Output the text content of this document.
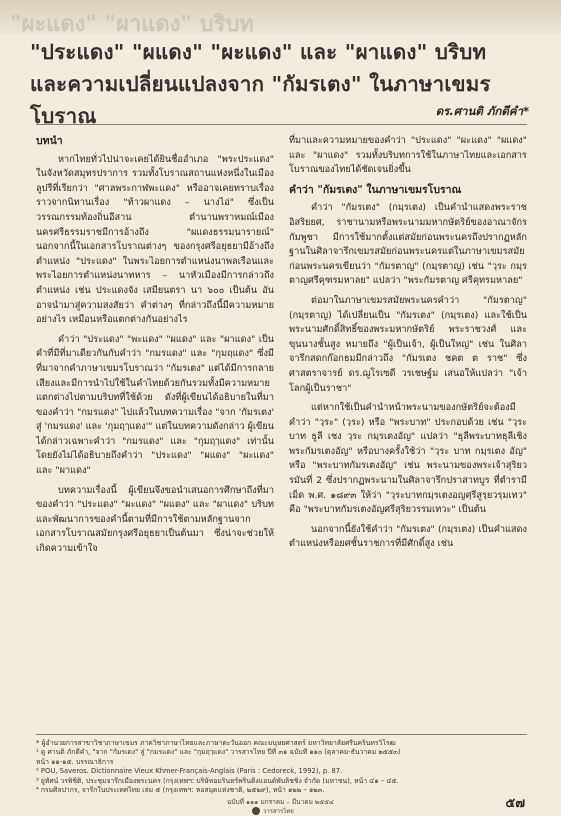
"ผะแดง" "ผาแดง" บริบท
"ประแดง" "ผแดง" "ผะแดง" และ "ผาแดง" บริบท
และความเปลี่ยนแปลงจาก "กัมรเตง" ในภาษาเขมรโบราณ	ดร.ศานติ ภักดีคำ*
บทนำ
หากไทยทั่วไปน่าจะเคยได้ยินชื่ออำเภอ "พระประแดง" ในจังหวัดสมุทรปราการ รวมทั้งโบราณสถานแห่งหนึ่งในเมืองลูปรีที่เรียกว่า "ศาลพระกาฬพะแดง" หรืออาจเคยทราบเรื่องราวจากนิทานเรื่อง "ท้าวผาแดง – นางไอ่" ซึ่งเป็นวรรณกรรมท้องถิ่นอีสาน ตำนานพราหมณ์เมืองนครศรีธรรมราชมีการอ้างถึง "ผแดงธรรมนารายณ์" นอกจากนี้ในเอกสารโบราณต่างๆ ของกรุงศรีอยุธยามีอ้างถึงตำแหน่ง "ประแดง" ในพระไอยการตำแหน่งนาพลเรือนและพระไอยการตำแหน่งนาทหาร – นาหัวเมืองมีการกล่าวถึงตำแหน่ง เช่น ประแดงจัง เสมียนตรา นา ๖๐๐ เป็นต้น อันอาจนำมาสู่ความสงสัยว่า คำต่างๆ ที่กล่าวถึงนี้มีความหมายอย่างไร เหมือนหรือแตกต่างกันอย่างไร
คำว่า "ประแดง" "พะแดง" "ผแดง" และ "ผาแดง" เป็นคำที่มีที่มาเดียวกันกับคำว่า "กมรแดง" และ "กุมฤแดง" ซึ่งมีที่มาจากคำภาษาเขมรโบราณว่า "กัมรเตง" แต่ได้มีการกลายเสียงและมีการนำไปใช้ในคำไทยด้วยกันรวมทั้งมีความหมายแตกต่างไปตามบริบทที่ใช้ด้วย ดังที่ผู้เขียนได้อธิบายในที่มาของคำว่า "กมรแดง" ไปแล้วในบทความเรื่อง "จาก 'กัมรเตง' สู่ 'กมรแดง' และ 'กุมฤๅแดง'" แต่ในบทความดังกล่าว ผู้เขียนได้กล่าวเฉพาะคำว่า "กมรแดง" และ "กุมฤๅแดง" เท่านั้น โดยยังไม่ได้อธิบายถึงคำว่า "ประแดง" "ผแดง" "ผะแดง" และ "ผาแดง"
บทความเรื่องนี้ ผู้เขียนจึงขอนำเสนอการศึกษาถึงที่มาของคำว่า "ประแดง" "ผะแดง" "ผแดง" และ "ผาแดง" บริบทและพัฒนาการของคำนี้ตามที่มีการใช้ตามหลักฐานจากเอกสารโบราณสมัยกรุงศรีอยุธยาเป็นต้นมา ซึ่งน่าจะช่วยให้เกิดความเข้าใจ
ที่มาและความหมายของคำว่า "ประแดง" "ผะแดง" "ผแดง" และ "ผาแดง" รวมทั้งบริบทการใช้ในภาษาไทยและเอกสารโบราณของไทยได้ชัดเจนยิ่งขึ้น
คำว่า "กัมรเตง" ในภาษาเขมรโบราณ
คำว่า "กัมรเตง" (กมฺรเตง) เป็นคำนำแสดงพระราชอิสริยยศ, ราชานามหรือพระนามมหากษัตริย์ของอาณาจักรกัมพูชา มีการใช้มากตั้งแต่สมัยก่อนพระนครถึงปรากฏหลักฐานในศิลาจารึกเขมรสมัยก่อนพระนครแต่ในภาษาเขมรสมัยก่อนพระนครเขียนว่า "กัมรตาญ" (กมฺรตาญ) เช่น "วฺระ กมฺรตาญศรีคุฑรมหาลย" แปลว่า "พระกัมรตาญ ศรีคุทรมหาลย"
ต่อมาในภาษาเขมรสมัยพระนครคำว่า "กัมรตาญ" (กมฺรตาญ) ได้เปลี่ยนเป็น "กัมรเตง" (กมฺรเตง) และใช้เป็นพระนามศักดิ์สิทธิ์ของพระมหากษัตริย์ พระราชวงศ์ และขุนนางชั้นสูง หมายถึง "ผู้เป็นเจ้า, ผู้เป็นใหญ่" เช่น ในศิลาจารึกสดกก๊อกธมมีกล่าวถึง "กัมรเตง ชคต ต ราช" ซึ่งศาสตราจารย์ ดร.ฌูโรเซดี วรเชษฐ์ม เสนอให้แปลว่า "เจ้าโลกผู้เป็นราชา"
แต่หากใช้เป็นคำนำหน้าพระนามของกษัตริย์จะต้องมีคำว่า "วฺระ" (วฺระ) หรือ "พระบาท" ประกอบด้วย เช่น "วฺระ บาท ธูลี เชง วฺระ กมฺรเตงอัญ" แปลว่า "ธุลีพระบาทธุลีเชิง พระกัมรเตงอัญ" หรือบางครั้งใช้ว่า "วฺระ บาท กมฺรเตง อัญ" หรือ "พระบาทกัมรเตงอัญ" เช่น พระนามของพระเจ้าสุริยวรมันที่ 2 ซึ่งปรากฏพระนามในศิลาจารึกปราสาทบูร ที่ตำรามีเม็ด พ.ศ. ๑๘๙๓ ให้ว่า "วฺระบาทกมฺรเตงอญศฺรีสูรฺยวรฺมเทว" คือ "พระบาทกัมรเตงอัญศรีสุริยวรรมเทวะ" เป็นต้น
นอกจากนี้ยังใช้คำว่า "กัมรเตง" (กมฺรเตง) เป็นคำแสดงตำแหน่งหรือยศชั้นราชการที่มีศักดิ์สูง เช่น
* ผู้อำนวยการสาขาวิชาภาษาเขมร ภาควิชาภาษาไทยและภาษาตะวันออก คณะมนุษยศาสตร์ มหาวิทยาลัยศรีนครินทรวิโรฒ
¹ ดู ศานติ ภักดีคำ, "จาก "กัมรเตง" สู่ "กมรแดง" และ "กุมฤๅแดง" วารสารไทย ปีที่ ๓๑ ฉบับที่ ๑๑๐ (ตุลาคม-ธันวาคม ๒๕๕๓)
หน้า ๑๑-๑๕. บรรณาธิการ
² POU, Saveros. Dictionnaire Vieux Khmer-Français-Anglais (Paris : Cedoreck, 1992), p. 87.
³ ยู่ทัศน์ วรพิชิติ, ประชุมจารึกเมืองพระนคร (กรุงเทพฯ: บริษัทอมรินทร์พริ้นติ้งแอนด์พับลิชชิ่ง จำกัด (มหาชน), หน้า ๔๑ – ๔๕.
⁴ กรมศิลปากร, จารึกในประเทศไทย เล่ม ๕ (กรุงเทพฯ: หอสมุดแห่งชาติ, ๒๕๒๙), หน้า ๑๒๒ – ๑๒๓.
ฉบับที่ ๑๑๑ มกราคม – มีนาคม ๒๕๕๔	๕๗
วารสารไทย
